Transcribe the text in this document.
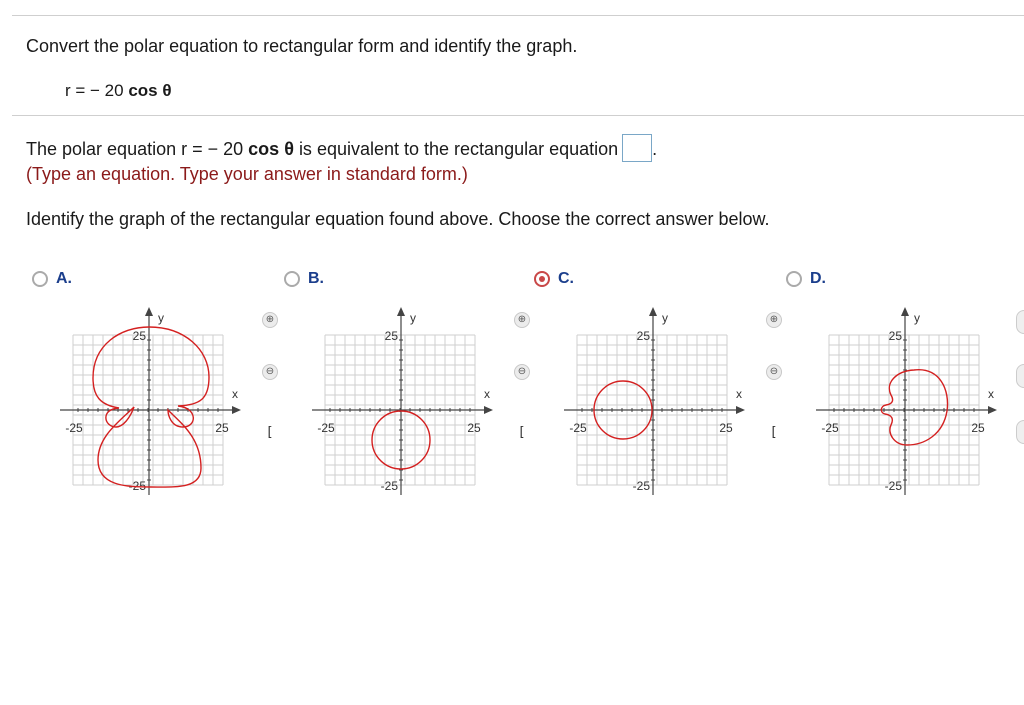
Convert the polar equation to rectangular form and identify the graph.
r = − 20 cos θ
The polar equation r = − 20 cos θ is equivalent to the rectangular equation .
(Type an equation. Type your answer in standard form.)
Identify the graph of the rectangular equation found above. Choose the correct answer below.
A.	B.	C.	D.
y
x
25
-25
-25	25
y
x
25
-25
-25	25
y
x
25
-25
-25	25
y
x
25
-25
-25	25
⊕
⊖
[
⊕
⊖
[
⊕
⊖
[
